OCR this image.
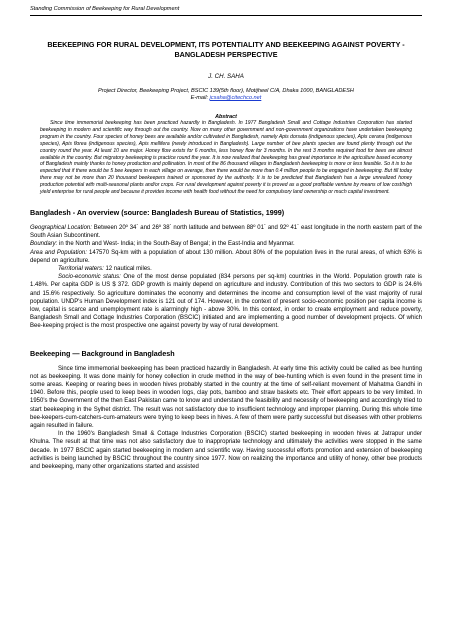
Standing Commission of Beekeeping for Rural Development
BEEKEEPING FOR RURAL DEVELOPMENT, ITS POTENTIALITY AND BEEKEEPING AGAINST POVERTY - BANGLADESH PERSPECTIVE
J. CH. SAHA
Project Director, Beekeeping Project, BSCIC 139(5th floor), Motijheel C/A, Dhaka 1000, BANGLADESH
E-mail: jcsaha@citechco.net
Abstract

Since time immemorial beekeeping has been practiced hazardly in Bangladesh. In 1977 Bangladesh Small and Cottage Industries Corporation has started beekeeping in modern and scientific way through out the country. Now on many other government and non-government organizations have undertaken beekeeping program in the country. Four species of honey bees are available and/or cultivated in Bangladesh, namely Apis dorsata (indigenous species), Apis cerana (indigenous species), Apis florea (indigenous species), Apis mellifera (newly introduced in Bangladesh). Large number of bee plants species are found plenty through out the country round the year. At least 10 are major. Honey flow exists for 6 months, less honey flow for 3 months. In the rest 3 months required food for bees are almost available in the country. But migratory beekeeping is practice round the year. It is now realized that beekeeping has great importance in the agriculture based economy of Bangladesh mainly thanks to honey production and pollination. In most of the 86 thousand villages in Bangladesh beekeeping is more or less feasible. So it is to be expected that if there would be 5 bee keepers in each village on average, then there would be more than 0.4 million people to be engaged in beekeeping. But till today there may not be more than 20 thousand beekeepers trained or sponsored by the authority. It is to be predicted that Bangladesh has a large unrealized honey production potential with multi-seasonal plants and/or crops. For rural development against poverty it is proved as a good profitable venture by means of low cost/high yield enterprise for rural people and because it provides income with health food without the need for compulsory land ownership or much capital investment.

Bangladesh - An overview (source: Bangladesh Bureau of Statistics, 1999)

Geographical Location: Between 20º 34´ and 26º 38´ north latitude and between 88º 01´ and 92º 41´ east longitude in the north eastern part of the South Asian Subcontinent.

Boundary: in the North and West- India; in the South-Bay of Bengal; in the East-India and Myanmar.

Area and Population: 147570 Sq-km with a population of about 130 million. About 80% of the population lives in the rural areas, of which 63% is depend on agriculture.

Territorial waters: 12 nautical miles.

Socio-economic status: One of the most dense populated (834 persons per sq-km) countries in the World. Population growth rate is 1.48%. Per capita GDP is US $ 372. GDP growth is mainly depend on agriculture and industry. Contribution of this two sectors to GDP is 24.6% and 15.6% respectively. So agriculture dominates the economy and determines the income and consumption level of the vast majority of rural population. UNDP's Human Development index is 121 out of 174. However, in the context of present socio-economic position per capita income is low, capital is scarce and unemployment rate is alarmingly high - above 30%. In this context, in order to create employment and reduce poverty, Bangladesh Small and Cottage Industries Corporation (BSCIC) initiated and are implementing a good number of development projects. Of which Bee-keeping project is the most prospective one against poverty by way of rural development.

Beekeeping — Background in Bangladesh

Since time immemorial beekeeping has been practiced hazardly in Bangladesh. At early time this activity could be called as bee hunting not as beekeeping. It was done mainly for honey collection in crude method in the way of bee-hunting which is even found in the present time in some areas. Keeping or rearing bees in wooden hives probably started in the country at the time of self-reliant movement of Mahatma Gandhi in 1940. Before this, people used to keep bees in wooden logs, clay pots, bamboo and straw baskets etc. Their effort appears to be very limited. In 1950's the Government of the then East Pakistan came to know and understand the feasibility and necessity of beekeeping and accordingly tried to start beekeeping in the Sylhet district. The result was not satisfactory due to insufficient technology and improper planning. During this whole time bee-keepers-cum-catchers-cum-amateurs were trying to keep bees in hives. A few of them were partly successful but diseases with other problems again resulted in failure.

In the 1960's Bangladesh Small & Cottage Industries Corporation (BSCIC) started beekeeping in wooden hives at Jatrapur under Khulna. The result at that time was not also satisfactory due to inappropriate technology and ultimately the activities were stopped in the same decade. In 1977 BSCIC again started beekeeping in modern and scientific way. Having successful efforts promotion and extension of beekeeping activities is being launched by BSCIC throughout the country since 1977. Now on realizing the importance and utility of honey, other bee products and beekeeping, many other organizations started and assisted
